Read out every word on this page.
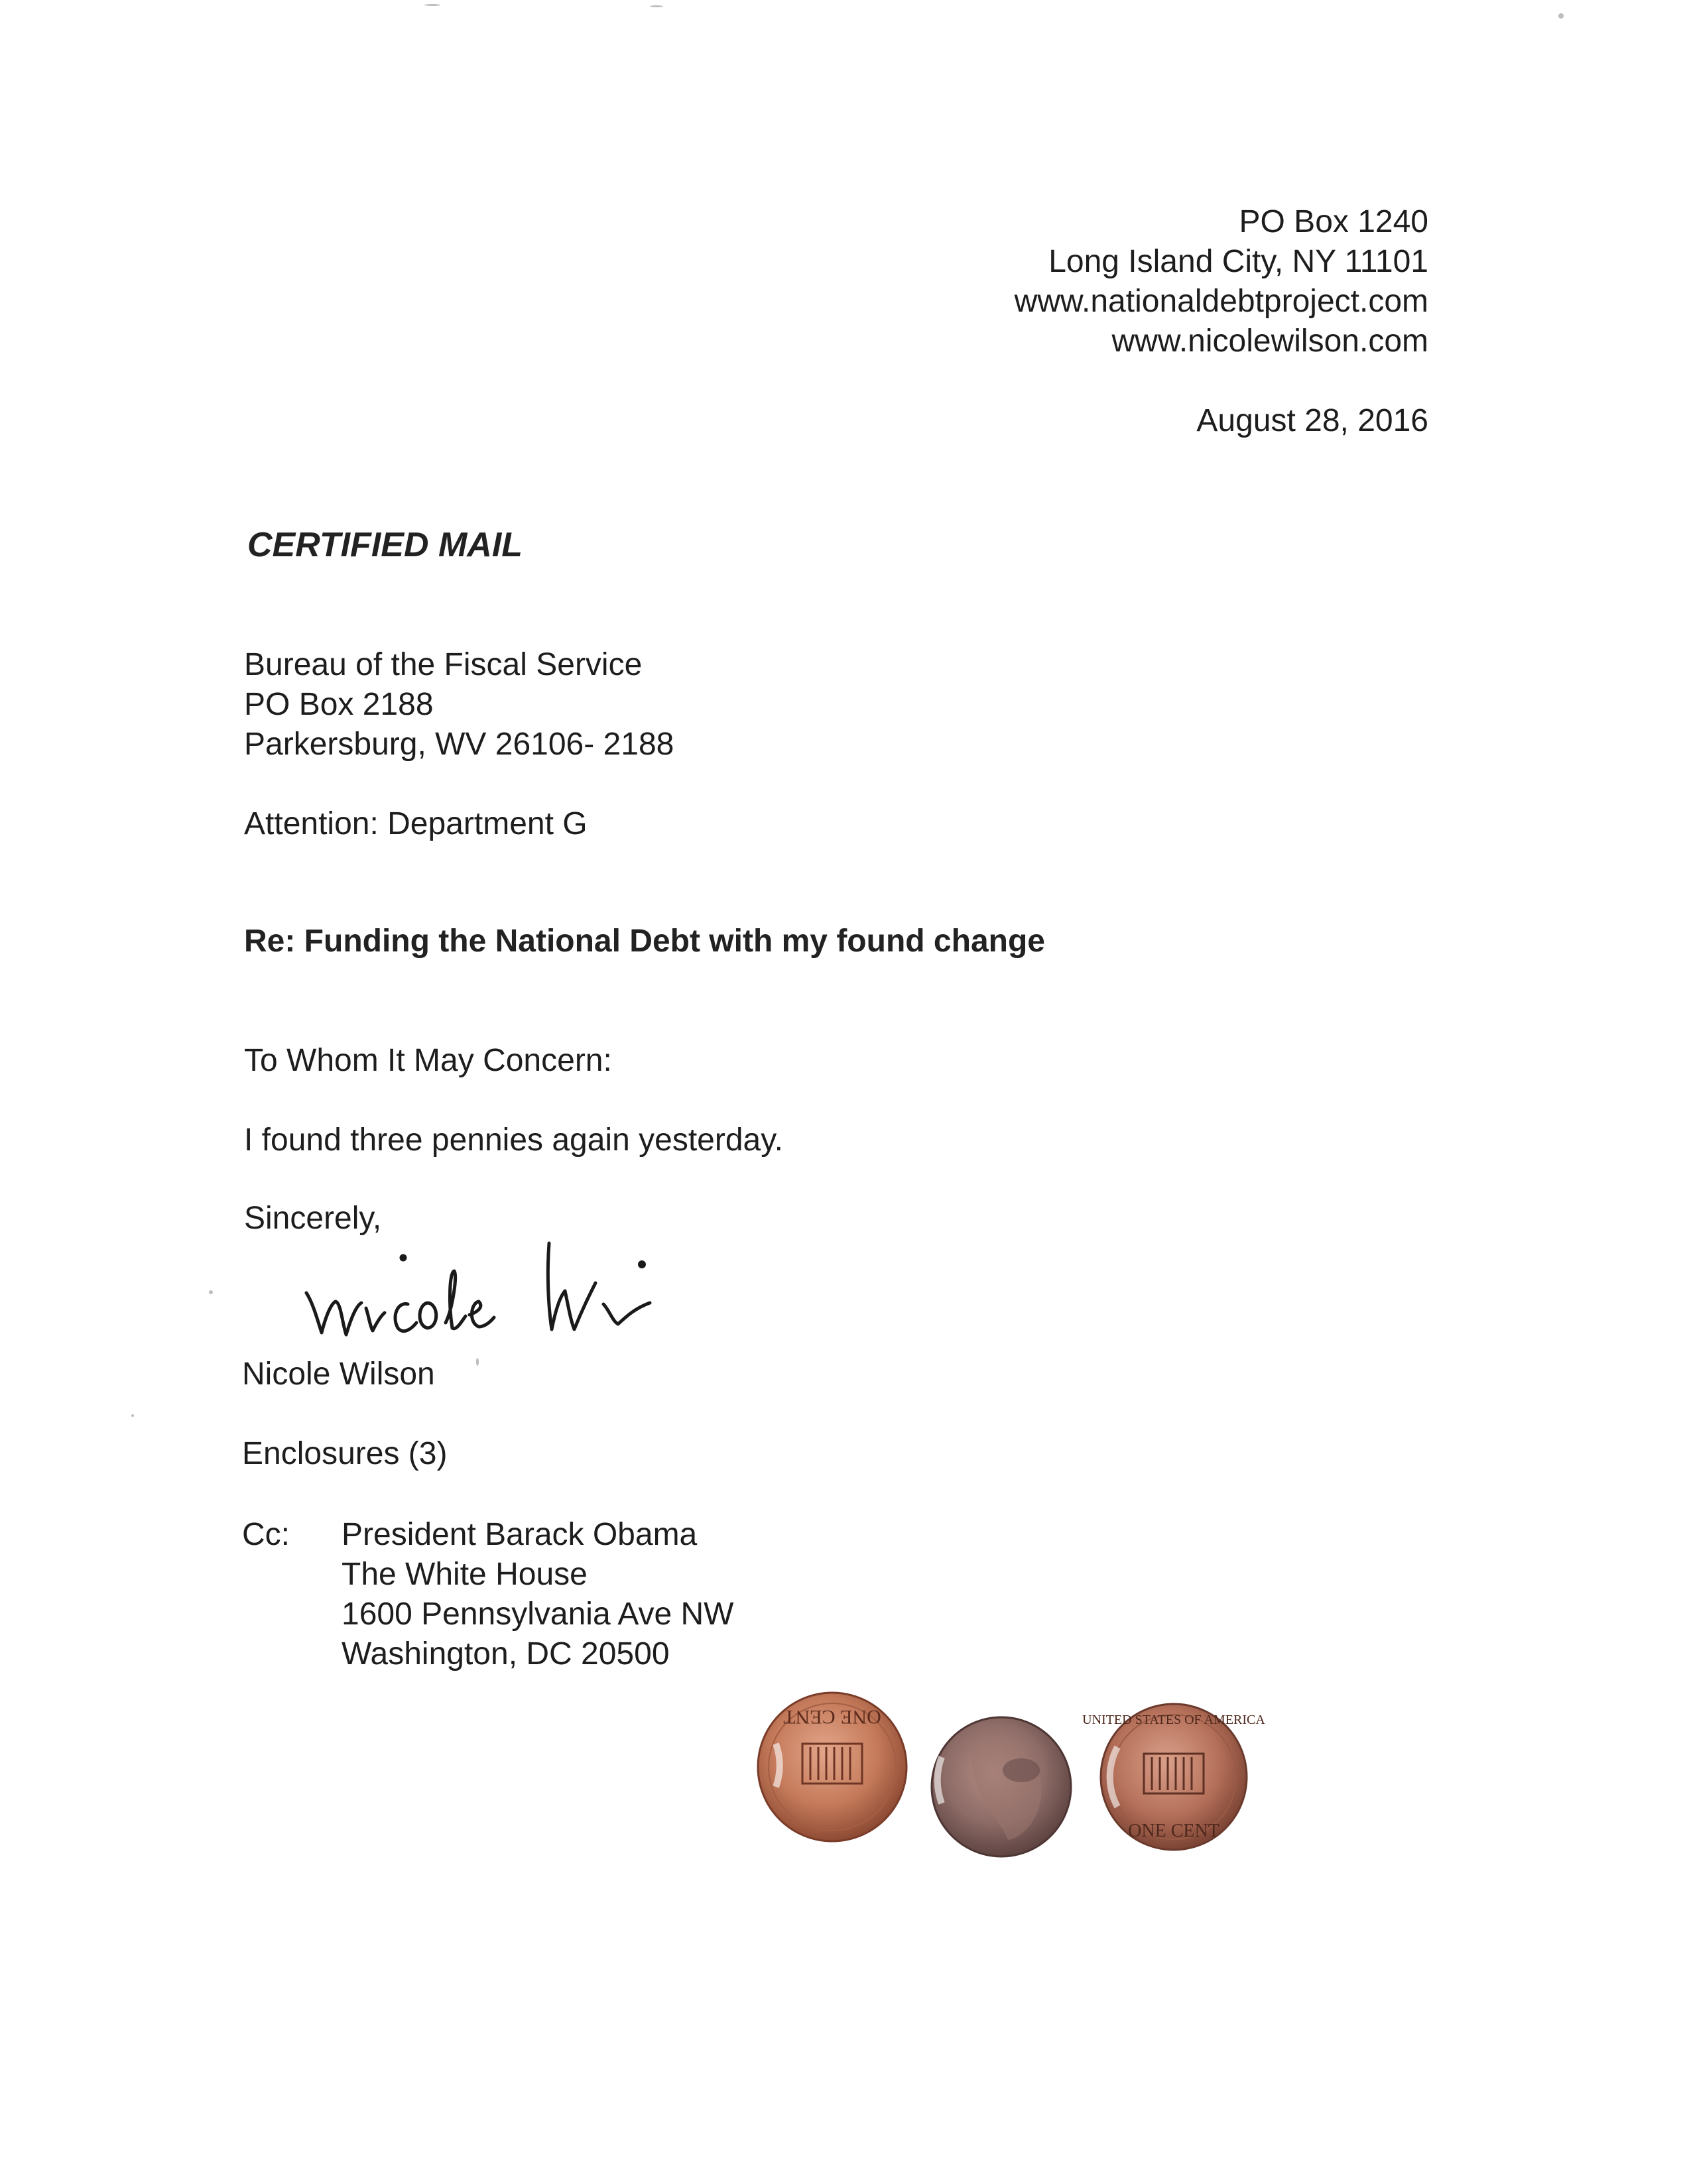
PO Box 1240
Long Island City, NY 11101
www.nationaldebtproject.com
www.nicolewilson.com
August 28, 2016
CERTIFIED MAIL
Bureau of the Fiscal Service
PO Box 2188
Parkersburg, WV 26106- 2188
Attention: Department G
Re: Funding the National Debt with my found change
To Whom It May Concern:
I found three pennies again yesterday.
Sincerely,
Nicole Wilson
Enclosures (3)
Cc: President Barack Obama
The White House
1600 Pennsylvania Ave NW
Washington, DC 20500
ONE CENT	UNITED STATES OF AMERICA
ONE CENT
